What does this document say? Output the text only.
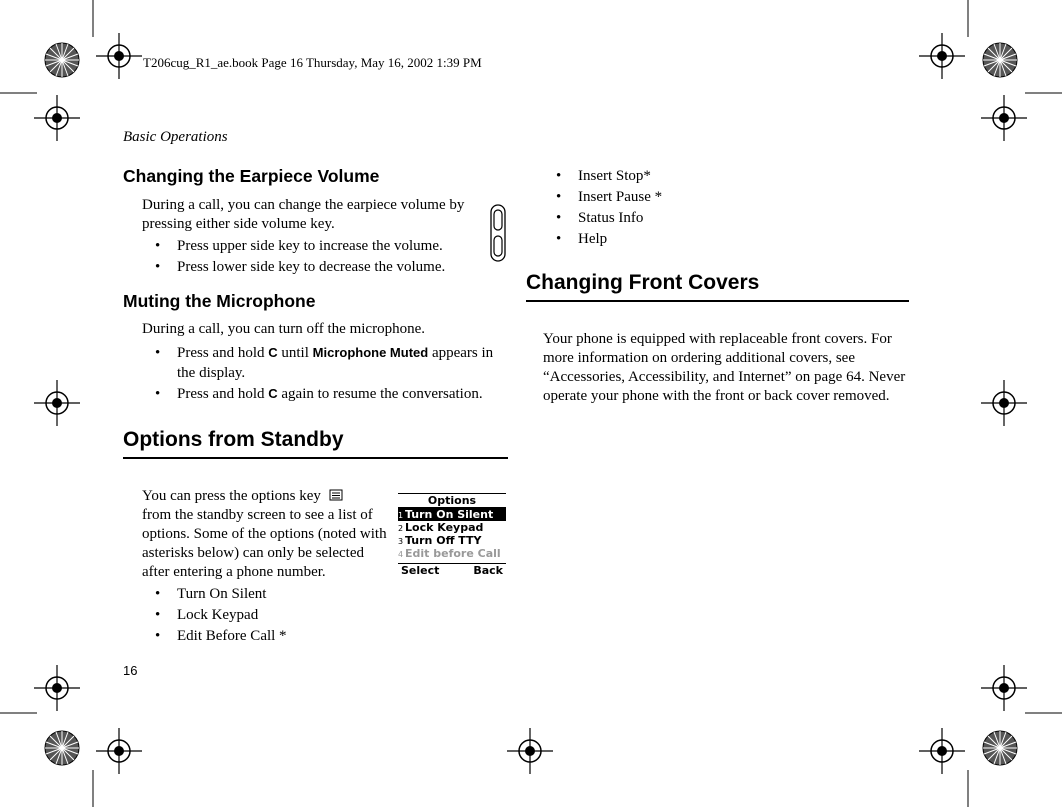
T206cug_R1_ae.book Page 16 Thursday, May 16, 2002 1:39 PM
Basic Operations
16
Changing the Earpiece Volume
During a call, you can change the earpiece volume by pressing either side volume key.
• Press upper side key to increase the volume.
• Press lower side key to decrease the volume.
Muting the Microphone
During a call, you can turn off the microphone.
• Press and hold C until Microphone Muted appears in the display.
• Press and hold C again to resume the conversation.
Options from Standby
You can press the options key
from the standby screen to see a list of options. Some of the options (noted with asterisks below) can only be selected after entering a phone number.
Options
1 Turn On Silent
2 Lock Keypad
3 Turn Off TTY
4 Edit before Call
Select	Back
• Turn On Silent
• Lock Keypad
• Edit Before Call *
• Insert Stop*
• Insert Pause *
• Status Info
• Help
Changing Front Covers
Your phone is equipped with replaceable front covers. For more information on ordering additional covers, see “Accessories, Accessibility, and Internet” on page 64. Never operate your phone with the front or back cover removed.
